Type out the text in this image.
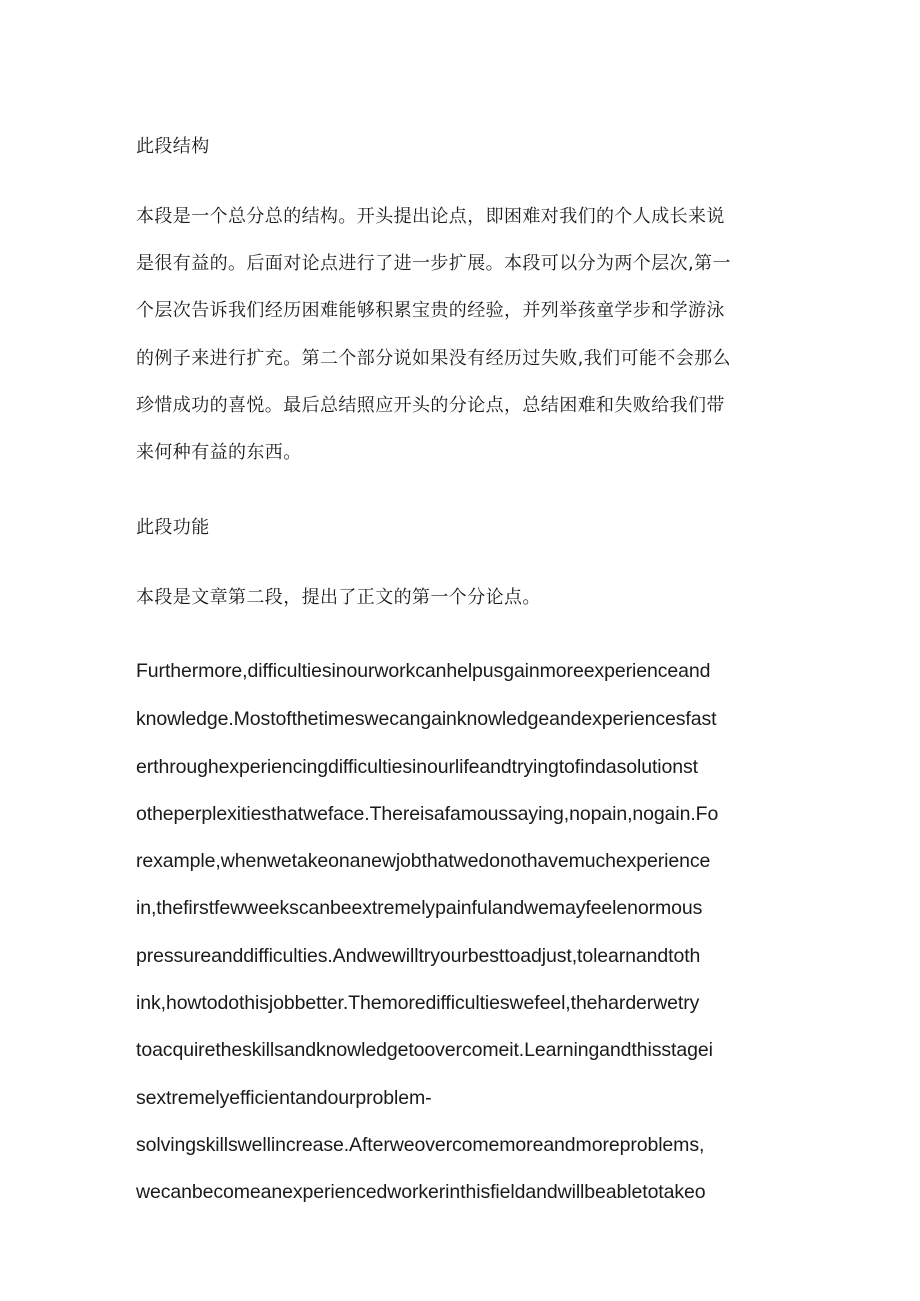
此段结构
本段是一个总分总的结构。开头提出论点，即困难对我们的个人成长来说
是很有益的。后面对论点进行了进一步扩展。本段可以分为两个层次,第一
个层次告诉我们经历困难能够积累宝贵的经验，并列举孩童学步和学游泳
的例子来进行扩充。第二个部分说如果没有经历过失败,我们可能不会那么
珍惜成功的喜悦。最后总结照应开头的分论点，总结困难和失败给我们带
来何种有益的东西。
此段功能
本段是文章第二段，提出了正文的第一个分论点。
Furthermore,difficultiesinourworkcanhelpusgainmoreexperienceand
knowledge.Mostofthetimeswecangainknowledgeandexperiencesfast
erthroughexperiencingdifficultiesinourlifeandtryingtofindasolutionst
otheperplexitiesthatweface.Thereisafamoussaying,nopain,nogain.Fo
rexample,whenwetakeonanewjobthatwedonothavemuchexperience
in,thefirstfewweekscanbeextremelypainfulandwemayfeelenormous
pressureanddifficulties.Andwewilltryourbesttoadjust,tolearnandtoth
ink,howtodothisjobbetter.Themoredifficultieswefeel,theharderwetry
toacquiretheskillsandknowledgetoovercomeit.Learningandthisstagei
sextremelyefficientandourproblem-
solvingskillswellincrease.Afterweovercomemoreandmoreproblems,
wecanbecomeanexperiencedworkerinthisfieldandwillbeabletotakeo
